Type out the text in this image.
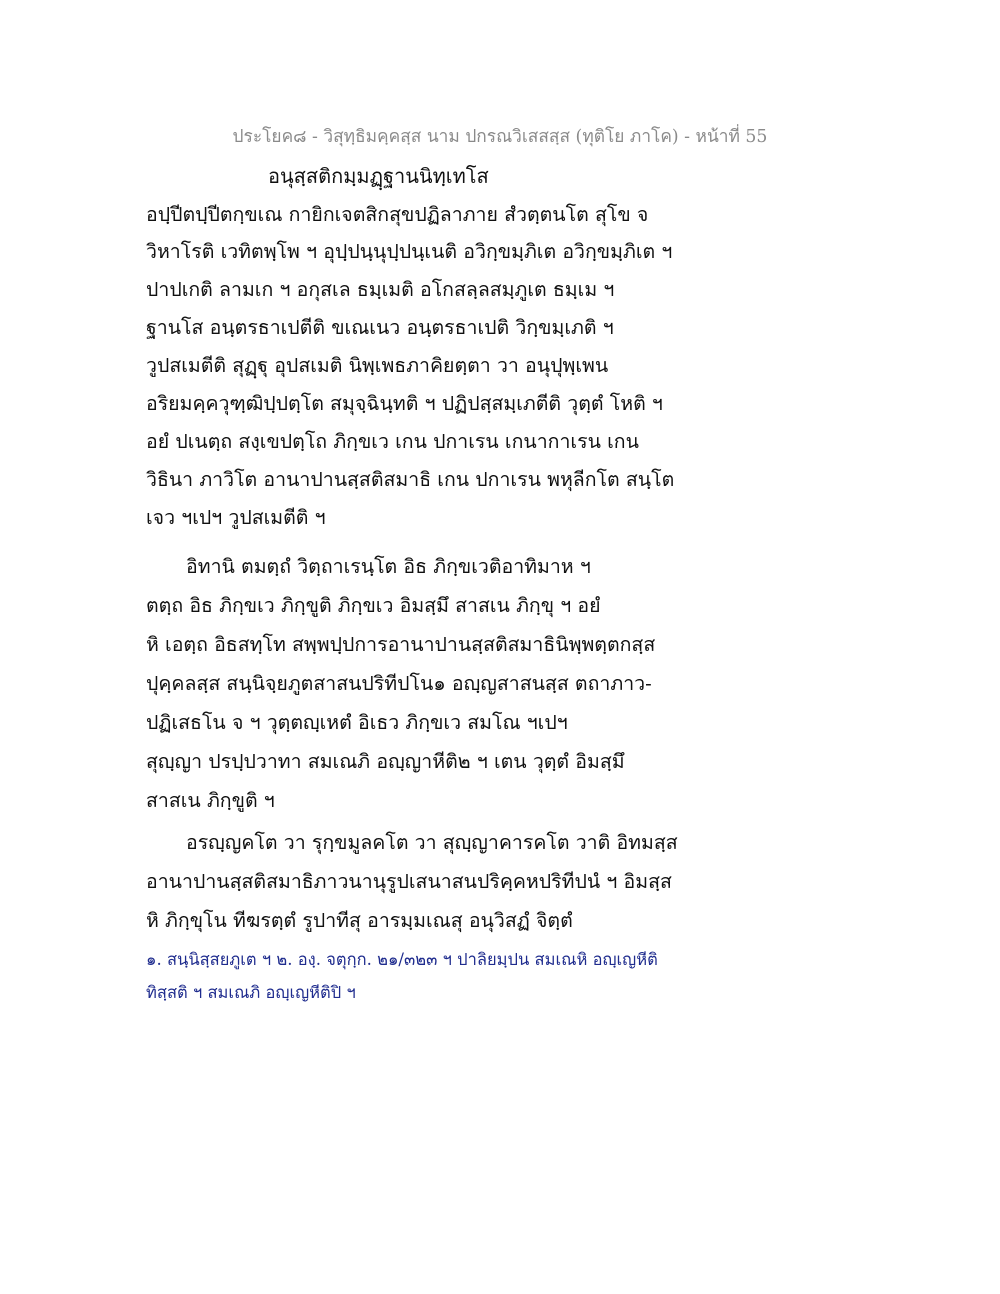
ประโยค๘ - วิสุทฺธิมคฺคสฺส นาม ปกรณวิเสสสฺส (ทุติโย ภาโค) - หน้าที่ 55
อนุสฺสติกมฺมฏฺฐานนิทฺเทโส
อปฺปีตปฺปีตกฺขเณ กายิกเจตสิกสุขปฏิลาภาย สํวตฺตนโต สุโข จ
วิหาโรติ เวทิตพฺโพ ฯ อุปฺปนฺนุปฺปนฺเนติ อวิกฺขมฺภิเต อวิกฺขมฺภิเต ฯ
ปาปเกติ ลามเก ฯ อกุสเล ธมฺเมติ อโกสลฺลสมฺภูเต ธมฺเม ฯ
ฐานโส อนฺตรธาเปตีติ ขเณเนว อนฺตรธาเปติ วิกฺขมฺเภติ ฯ
วูปสเมตีติ สุฏฺฐุ อุปสเมติ นิพฺเพธภาคิยตฺตา วา อนุปุพฺเพน
อริยมคฺควุฑฺฒิปฺปตฺโต สมุจฺฉินฺทติ ฯ ปฏิปสฺสมฺเภตีติ วุตฺตํ โหติ ฯ
อยํ ปเนตฺถ สงฺเขปตฺโถ ภิกฺขเว เกน ปกาเรน เกนากาเรน เกน
วิธินา ภาวิโต อานาปานสฺสติสมาธิ เกน ปกาเรน พหุลีกโต สนฺโต
เจว ฯเปฯ วูปสเมตีติ ฯ
อิทานิ ตมตฺถํ วิตฺถาเรนฺโต อิธ ภิกฺขเวติอาทิมาห ฯ
ตตฺถ อิธ ภิกฺขเว ภิกฺขูติ ภิกฺขเว อิมสฺมึ สาสเน ภิกฺขุ ฯ อยํ
หิ เอตฺถ อิธสทฺโท สพฺพปฺปการอานาปานสฺสติสมาธินิพฺพตฺตกสฺส
ปุคฺคลสฺส สนฺนิจฺยภูตสาสนปริทีปโน๑ อญฺญสาสนสฺส ตถาภาว-
ปฏิเสธโน จ ฯ วุตฺตญฺเหตํ อิเธว ภิกฺขเว สมโณ ฯเปฯ
สุญฺญา ปรปฺปวาทา สมเณภิ อญฺญาหีติ๒ ฯ เตน วุตฺตํ อิมสฺมึ
สาสเน ภิกฺขูติ ฯ
อรญฺญคโต วา รุกฺขมูลคโต วา สุญฺญาคารคโต วาติ อิทมสฺส
อานาปานสฺสติสมาธิภาวนานุรูปเสนาสนปริคฺคหปริทีปนํ ฯ อิมสฺส
หิ ภิกฺขุโน ทีฆรตฺตํ รูปาทีสุ อารมฺมเณสุ อนุวิสฏํ จิตฺตํ
๑. สนฺนิสฺสยภูเต ฯ ๒. องฺ. จตุกฺก. ๒๑/๓๒๓ ฯ ปาลิยมฺปน สมเณหิ อญฺเญหีติ
ทิสฺสติ ฯ สมเณภิ อญฺเญหีติปิ ฯ
